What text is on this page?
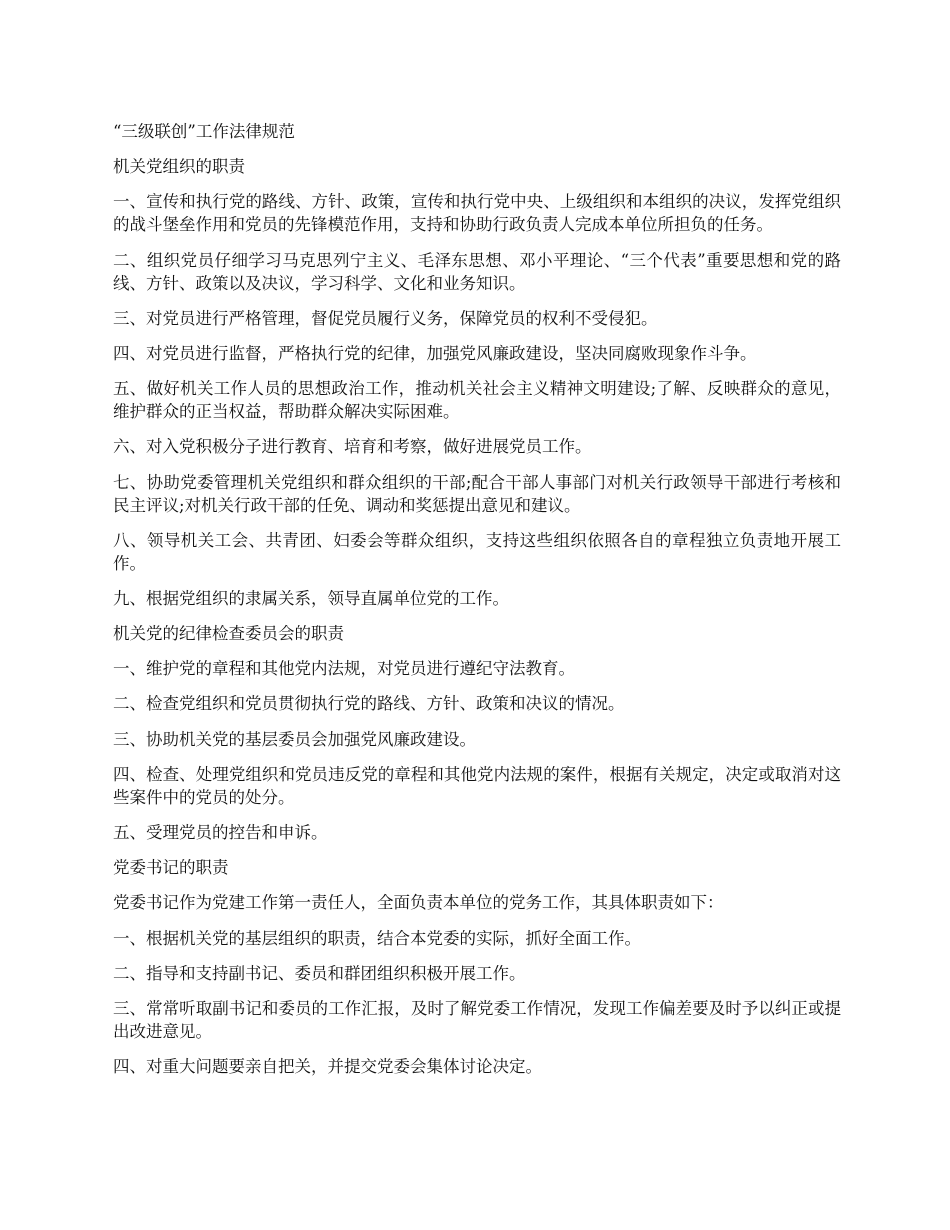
“三级联创”工作法律规范

机关党组织的职责

一、宣传和执行党的路线、方针、政策，宣传和执行党中央、上级组织和本组织的决议，发挥党组织的战斗堡垒作用和党员的先锋模范作用，支持和协助行政负责人完成本单位所担负的任务。

二、组织党员仔细学习马克思列宁主义、毛泽东思想、邓小平理论、“三个代表”重要思想和党的路线、方针、政策以及决议，学习科学、文化和业务知识。

三、对党员进行严格管理，督促党员履行义务，保障党员的权利不受侵犯。

四、对党员进行监督，严格执行党的纪律，加强党风廉政建设，坚决同腐败现象作斗争。

五、做好机关工作人员的思想政治工作，推动机关社会主义精神文明建设;了解、反映群众的意见，维护群众的正当权益，帮助群众解决实际困难。

六、对入党积极分子进行教育、培育和考察，做好进展党员工作。

七、协助党委管理机关党组织和群众组织的干部;配合干部人事部门对机关行政领导干部进行考核和民主评议;对机关行政干部的任免、调动和奖惩提出意见和建议。

八、领导机关工会、共青团、妇委会等群众组织，支持这些组织依照各自的章程独立负责地开展工作。

九、根据党组织的隶属关系，领导直属单位党的工作。

机关党的纪律检查委员会的职责

一、维护党的章程和其他党内法规，对党员进行遵纪守法教育。

二、检查党组织和党员贯彻执行党的路线、方针、政策和决议的情况。

三、协助机关党的基层委员会加强党风廉政建设。

四、检查、处理党组织和党员违反党的章程和其他党内法规的案件，根据有关规定，决定或取消对这些案件中的党员的处分。

五、受理党员的控告和申诉。

党委书记的职责

党委书记作为党建工作第一责任人，全面负责本单位的党务工作，其具体职责如下：

一、根据机关党的基层组织的职责，结合本党委的实际，抓好全面工作。

二、指导和支持副书记、委员和群团组织积极开展工作。

三、常常听取副书记和委员的工作汇报，及时了解党委工作情况，发现工作偏差要及时予以纠正或提出改进意见。

四、对重大问题要亲自把关，并提交党委会集体讨论决定。
